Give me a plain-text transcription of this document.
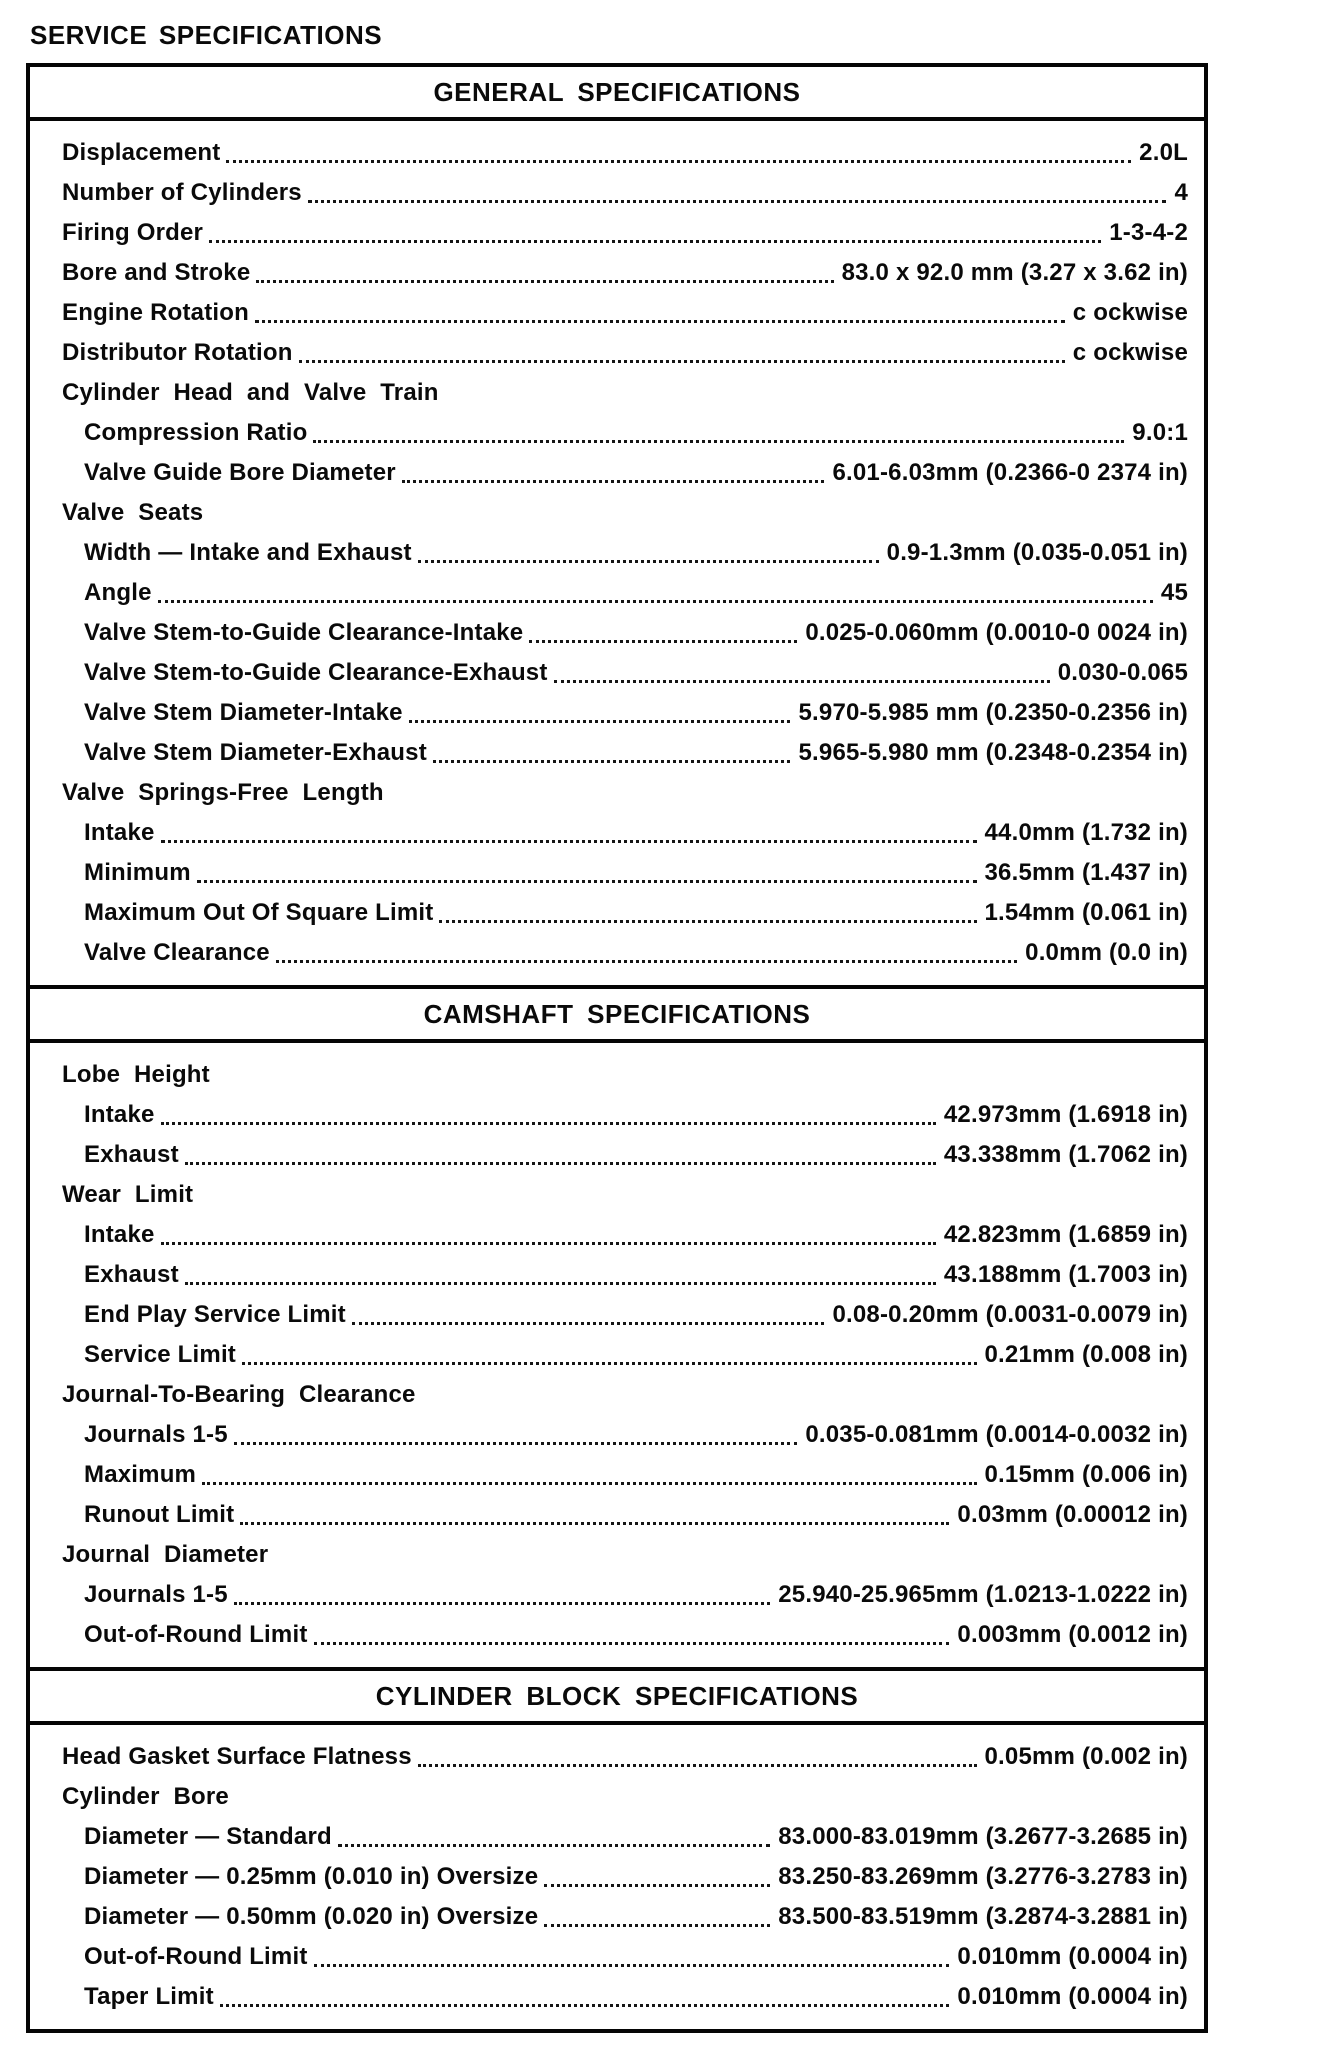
SERVICE SPECIFICATIONS
GENERAL SPECIFICATIONS
Displacement	2.0L
Number of Cylinders	4
Firing Order	1-3-4-2
Bore and Stroke	83.0 x 92.0 mm (3.27 x 3.62 in)
Engine Rotation	c ockwise
Distributor Rotation	c ockwise
Cylinder Head and Valve Train
Compression Ratio	9.0:1
Valve Guide Bore Diameter	6.01-6.03mm (0.2366-0 2374 in)
Valve Seats
Width — Intake and Exhaust	0.9-1.3mm (0.035-0.051 in)
Angle	45
Valve Stem-to-Guide Clearance-Intake	0.025-0.060mm (0.0010-0 0024 in)
Valve Stem-to-Guide Clearance-Exhaust	0.030-0.065
Valve Stem Diameter-Intake	5.970-5.985 mm (0.2350-0.2356 in)
Valve Stem Diameter-Exhaust	5.965-5.980 mm (0.2348-0.2354 in)
Valve Springs-Free Length
Intake	44.0mm (1.732 in)
Minimum	36.5mm (1.437 in)
Maximum Out Of Square Limit	1.54mm (0.061 in)
Valve Clearance	0.0mm (0.0 in)
CAMSHAFT SPECIFICATIONS
Lobe Height
Intake	42.973mm (1.6918 in)
Exhaust	43.338mm (1.7062 in)
Wear Limit
Intake	42.823mm (1.6859 in)
Exhaust	43.188mm (1.7003 in)
End Play Service Limit	0.08-0.20mm (0.0031-0.0079 in)
Service Limit	0.21mm (0.008 in)
Journal-To-Bearing Clearance
Journals 1-5	0.035-0.081mm (0.0014-0.0032 in)
Maximum	0.15mm (0.006 in)
Runout Limit	0.03mm (0.00012 in)
Journal Diameter
Journals 1-5	25.940-25.965mm (1.0213-1.0222 in)
Out-of-Round Limit	0.003mm (0.0012 in)
CYLINDER BLOCK SPECIFICATIONS
Head Gasket Surface Flatness	0.05mm (0.002 in)
Cylinder Bore
Diameter — Standard	83.000-83.019mm (3.2677-3.2685 in)
Diameter — 0.25mm (0.010 in) Oversize	83.250-83.269mm (3.2776-3.2783 in)
Diameter — 0.50mm (0.020 in) Oversize	83.500-83.519mm (3.2874-3.2881 in)
Out-of-Round Limit	0.010mm (0.0004 in)
Taper Limit	0.010mm (0.0004 in)
